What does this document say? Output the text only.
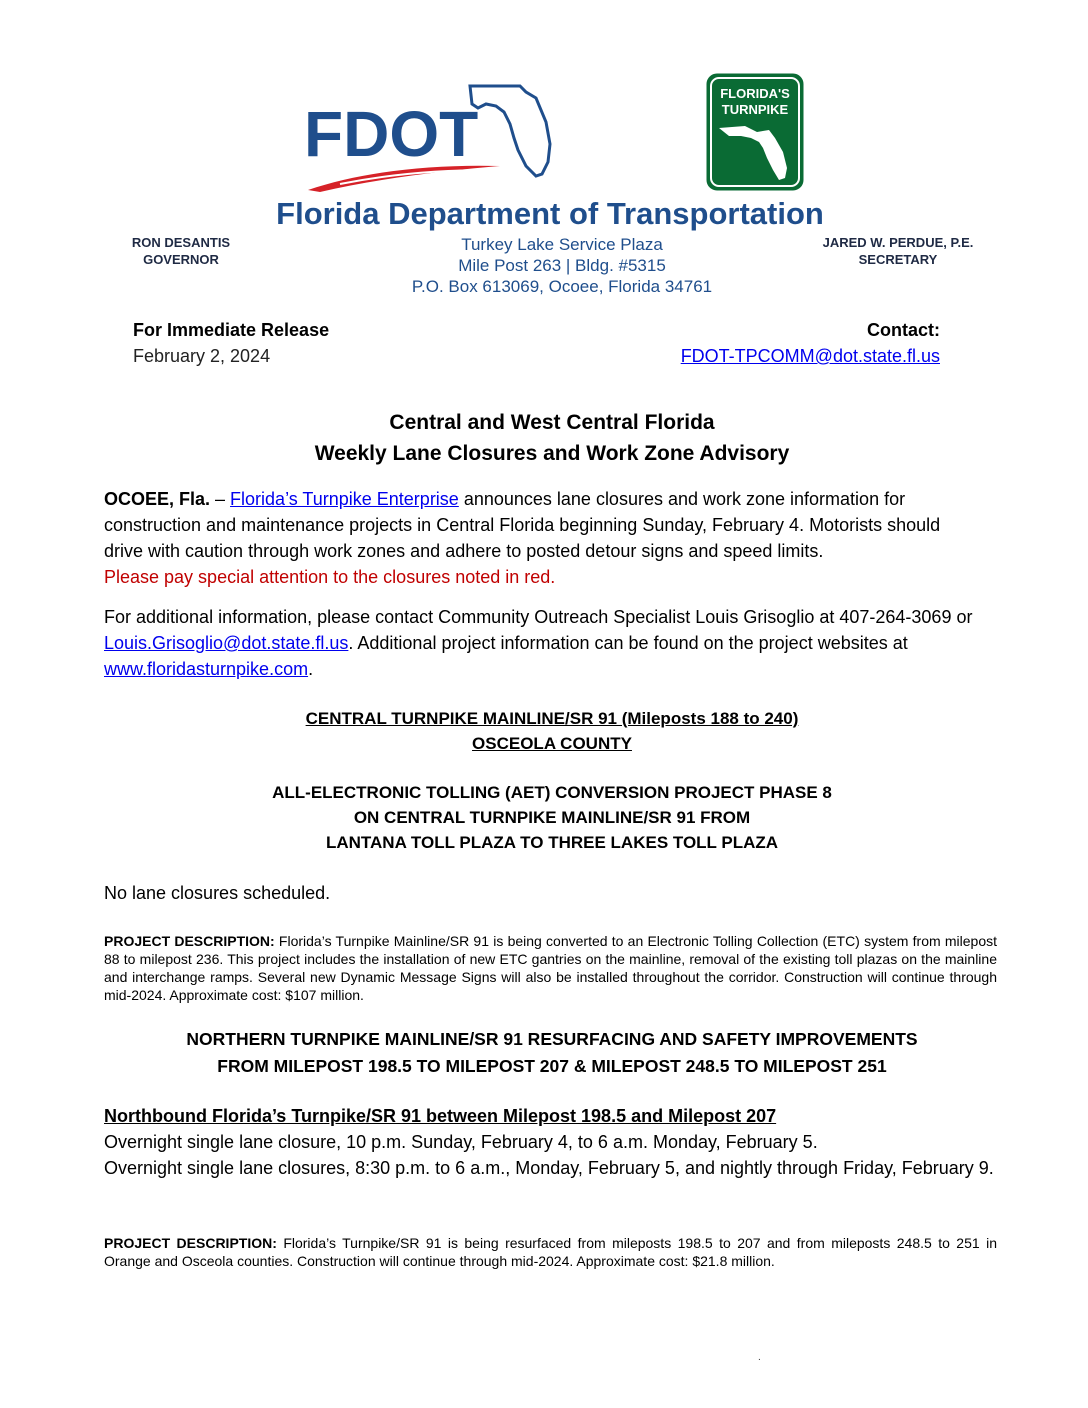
FDOT
FLORIDA'S
TURNPIKE
Florida Department of Transportation
RON DESANTIS
GOVERNOR
Turkey Lake Service Plaza
Mile Post 263 | Bldg. #5315
P.O. Box 613069, Ocoee, Florida 34761
JARED W. PERDUE, P.E.
SECRETARY
For Immediate Release
February 2, 2024
Contact:
FDOT-TPCOMM@dot.state.fl.us
Central and West Central Florida
Weekly Lane Closures and Work Zone Advisory
OCOEE, Fla. – Florida’s Turnpike Enterprise announces lane closures and work zone information for construction and maintenance projects in Central Florida beginning Sunday, February 4. Motorists should drive with caution through work zones and adhere to posted detour signs and speed limits.
Please pay special attention to the closures noted in red.
For additional information, please contact Community Outreach Specialist Louis Grisoglio at 407-264-3069 or Louis.Grisoglio@dot.state.fl.us. Additional project information can be found on the project websites at www.floridasturnpike.com.
CENTRAL TURNPIKE MAINLINE/SR 91 (Mileposts 188 to 240)
OSCEOLA COUNTY
ALL-ELECTRONIC TOLLING (AET) CONVERSION PROJECT PHASE 8
ON CENTRAL TURNPIKE MAINLINE/SR 91 FROM
LANTANA TOLL PLAZA TO THREE LAKES TOLL PLAZA
No lane closures scheduled.
PROJECT DESCRIPTION: Florida’s Turnpike Mainline/SR 91 is being converted to an Electronic Tolling Collection (ETC) system from milepost 88 to milepost 236. This project includes the installation of new ETC gantries on the mainline, removal of the existing toll plazas on the mainline and interchange ramps. Several new Dynamic Message Signs will also be installed throughout the corridor. Construction will continue through mid-2024. Approximate cost: $107 million.
NORTHERN TURNPIKE MAINLINE/SR 91 RESURFACING AND SAFETY IMPROVEMENTS
FROM MILEPOST 198.5 TO MILEPOST 207 & MILEPOST 248.5 TO MILEPOST 251
Northbound Florida’s Turnpike/SR 91 between Milepost 198.5 and Milepost 207
Overnight single lane closure, 10 p.m. Sunday, February 4, to 6 a.m. Monday, February 5.
Overnight single lane closures, 8:30 p.m. to 6 a.m., Monday, February 5, and nightly through Friday, February 9.
PROJECT DESCRIPTION: Florida’s Turnpike/SR 91 is being resurfaced from mileposts 198.5 to 207 and from mileposts 248.5 to 251 in Orange and Osceola counties. Construction will continue through mid-2024. Approximate cost: $21.8 million.
.
